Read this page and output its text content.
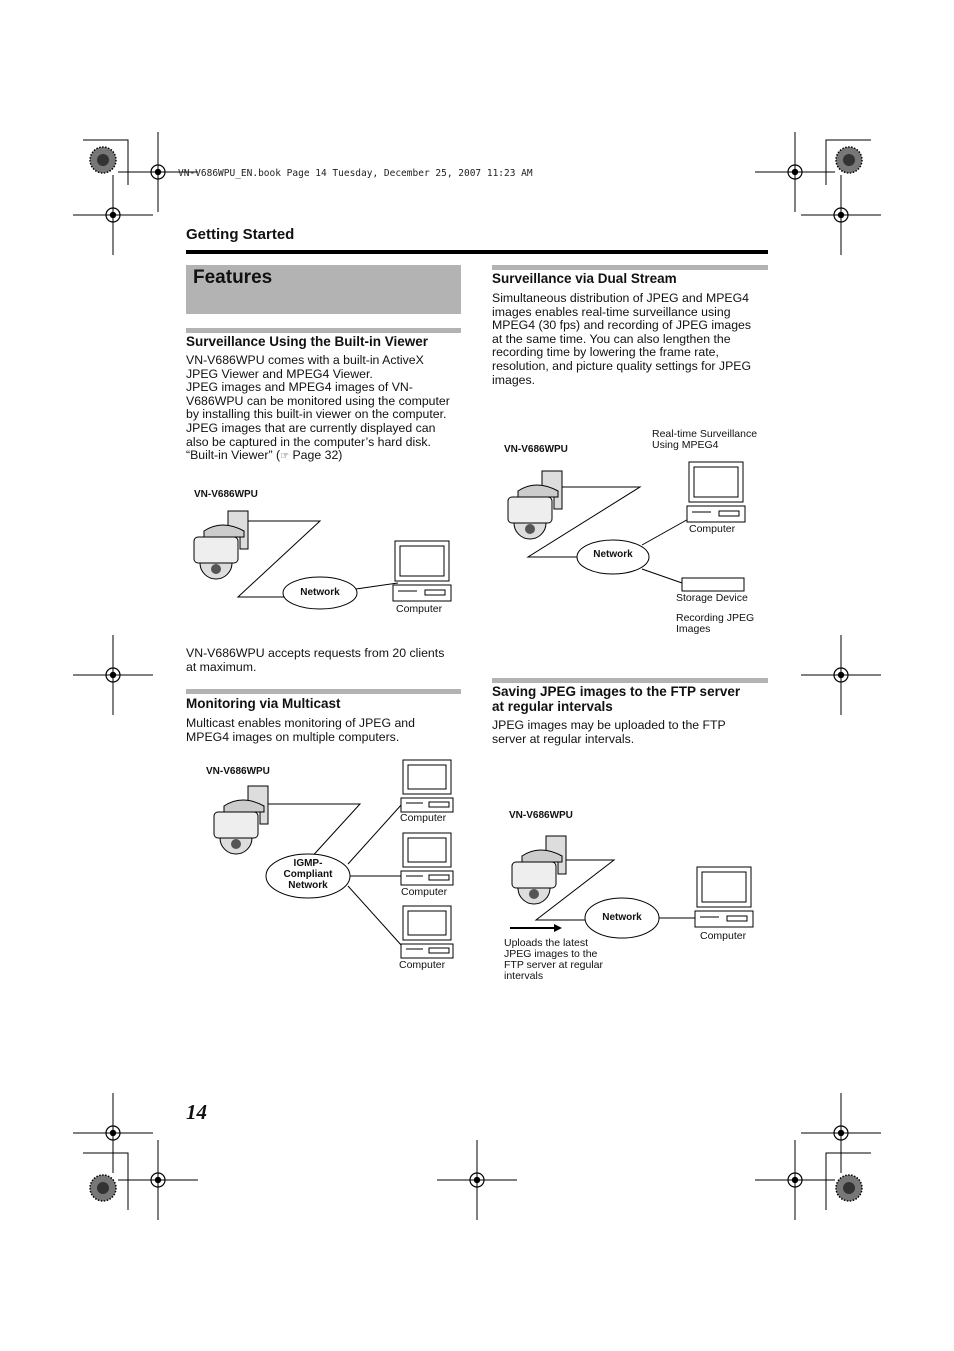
VN-V686WPU_EN.book Page 14 Tuesday, December 25, 2007 11:23 AM
Getting Started
Features
Surveillance Using the Built-in Viewer
VN-V686WPU comes with a built-in ActiveX
JPEG Viewer and MPEG4 Viewer.
JPEG images and MPEG4 images of VN-
V686WPU can be monitored using the computer
by installing this built-in viewer on the computer.
JPEG images that are currently displayed can
also be captured in the computer’s hard disk.
“Built-in Viewer” (☞ Page 32)
VN-V686WPU
Network
Computer
VN-V686WPU accepts requests from 20 clients
at maximum.
Monitoring via Multicast
Multicast enables monitoring of JPEG and
MPEG4 images on multiple computers.
VN-V686WPU
IGMP-
Compliant
Network
Computer
Computer
Computer
Surveillance via Dual Stream
Simultaneous distribution of JPEG and MPEG4
images enables real-time surveillance using
MPEG4 (30 fps) and recording of JPEG images
at the same time. You can also lengthen the
recording time by lowering the frame rate,
resolution, and picture quality settings for JPEG
images.
VN-V686WPU
Real-time Surveillance
Using MPEG4
Computer
Network
Storage Device
Recording JPEG
Images
Saving JPEG images to the FTP server
at regular intervals
JPEG images may be uploaded to the FTP
server at regular intervals.
VN-V686WPU
Network
Computer
Uploads the latest
JPEG images to the
FTP server at regular
intervals
14
